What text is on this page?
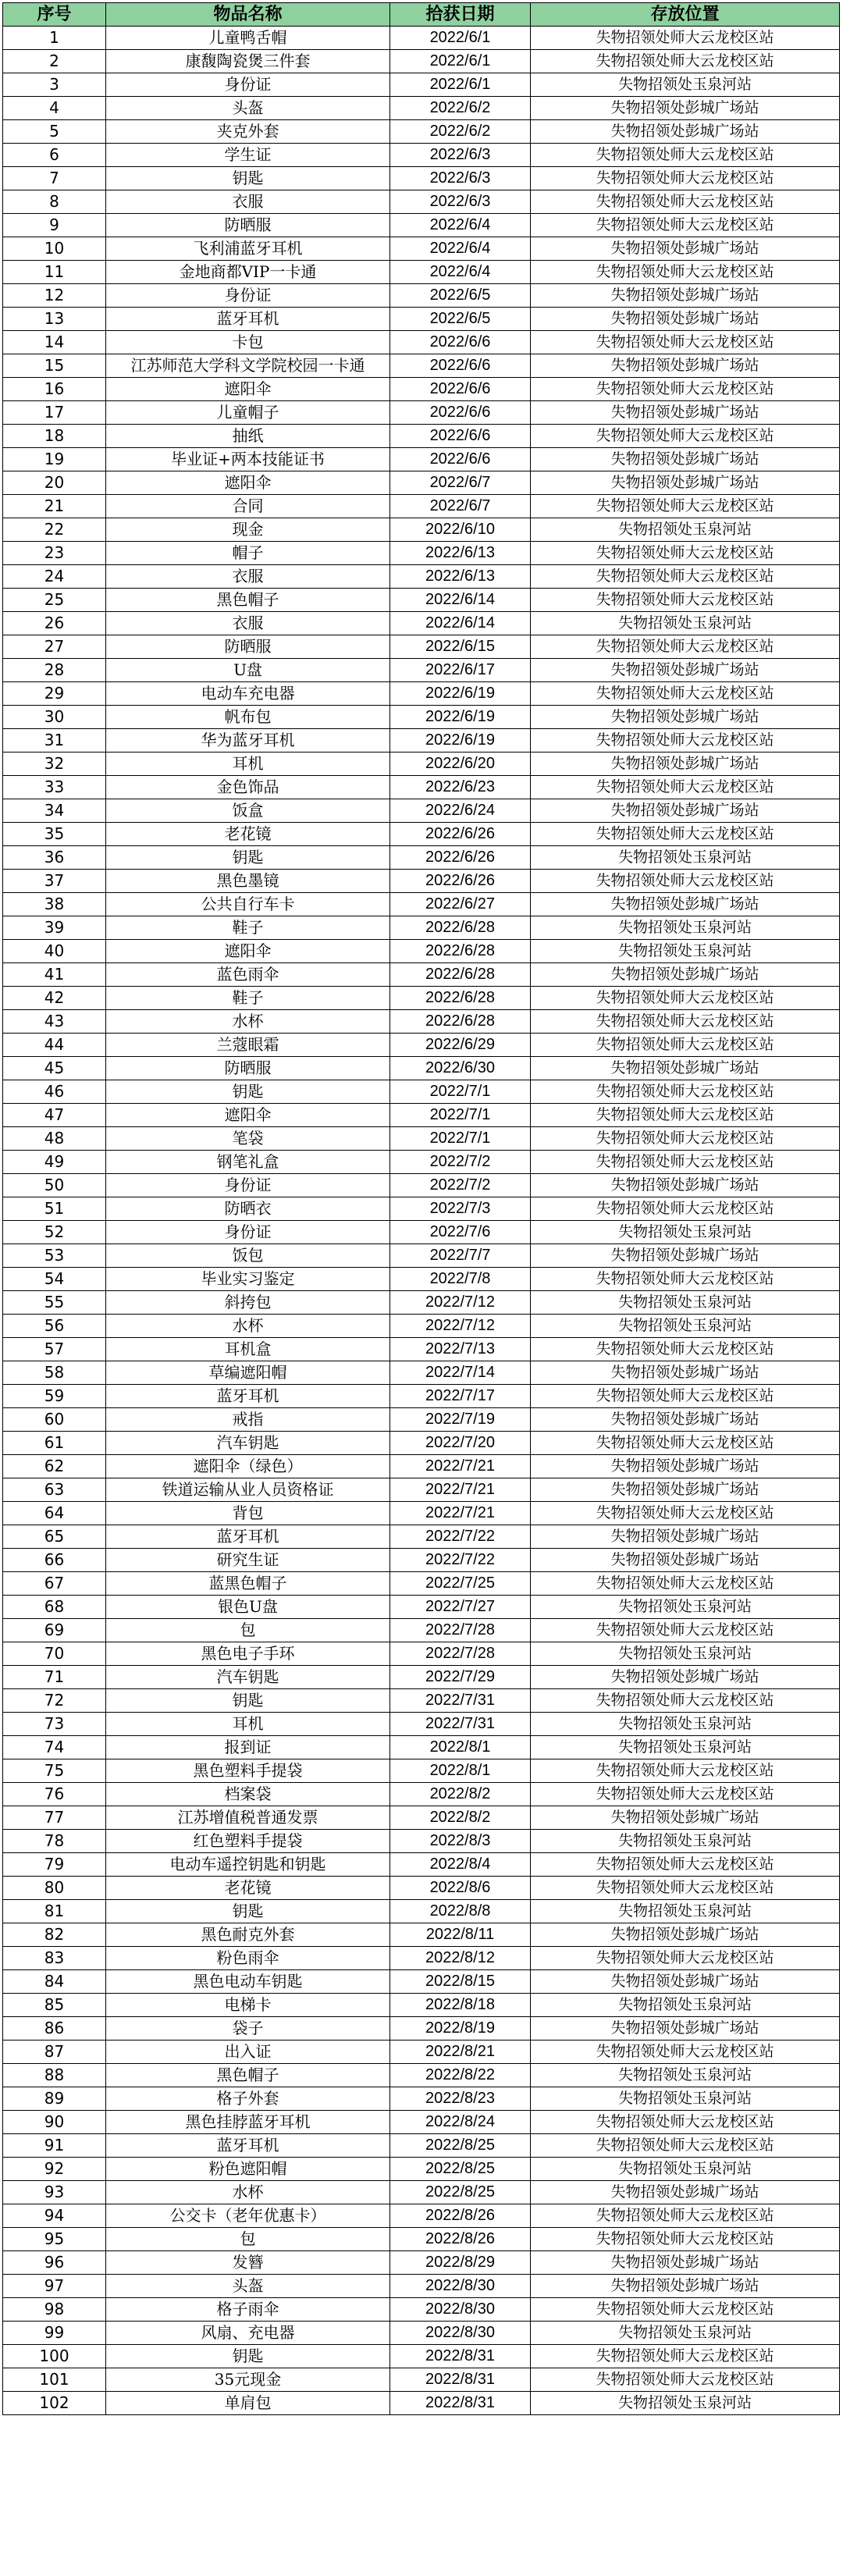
序号	物品名称	拾获日期	存放位置
1	儿童鸭舌帽	2022/6/1	失物招领处师大云龙校区站
2	康馥陶瓷煲三件套	2022/6/1	失物招领处师大云龙校区站
3	身份证	2022/6/1	失物招领处玉泉河站
4	头盔	2022/6/2	失物招领处彭城广场站
5	夹克外套	2022/6/2	失物招领处彭城广场站
6	学生证	2022/6/3	失物招领处师大云龙校区站
7	钥匙	2022/6/3	失物招领处师大云龙校区站
8	衣服	2022/6/3	失物招领处师大云龙校区站
9	防晒服	2022/6/4	失物招领处师大云龙校区站
10	飞利浦蓝牙耳机	2022/6/4	失物招领处彭城广场站
11	金地商都VIP一卡通	2022/6/4	失物招领处师大云龙校区站
12	身份证	2022/6/5	失物招领处彭城广场站
13	蓝牙耳机	2022/6/5	失物招领处彭城广场站
14	卡包	2022/6/6	失物招领处师大云龙校区站
15	江苏师范大学科文学院校园一卡通	2022/6/6	失物招领处彭城广场站
16	遮阳伞	2022/6/6	失物招领处师大云龙校区站
17	儿童帽子	2022/6/6	失物招领处彭城广场站
18	抽纸	2022/6/6	失物招领处师大云龙校区站
19	毕业证+两本技能证书	2022/6/6	失物招领处彭城广场站
20	遮阳伞	2022/6/7	失物招领处彭城广场站
21	合同	2022/6/7	失物招领处师大云龙校区站
22	现金	2022/6/10	失物招领处玉泉河站
23	帽子	2022/6/13	失物招领处师大云龙校区站
24	衣服	2022/6/13	失物招领处师大云龙校区站
25	黑色帽子	2022/6/14	失物招领处师大云龙校区站
26	衣服	2022/6/14	失物招领处玉泉河站
27	防晒服	2022/6/15	失物招领处师大云龙校区站
28	U盘	2022/6/17	失物招领处彭城广场站
29	电动车充电器	2022/6/19	失物招领处师大云龙校区站
30	帆布包	2022/6/19	失物招领处彭城广场站
31	华为蓝牙耳机	2022/6/19	失物招领处师大云龙校区站
32	耳机	2022/6/20	失物招领处彭城广场站
33	金色饰品	2022/6/23	失物招领处师大云龙校区站
34	饭盒	2022/6/24	失物招领处彭城广场站
35	老花镜	2022/6/26	失物招领处师大云龙校区站
36	钥匙	2022/6/26	失物招领处玉泉河站
37	黑色墨镜	2022/6/26	失物招领处师大云龙校区站
38	公共自行车卡	2022/6/27	失物招领处彭城广场站
39	鞋子	2022/6/28	失物招领处玉泉河站
40	遮阳伞	2022/6/28	失物招领处玉泉河站
41	蓝色雨伞	2022/6/28	失物招领处彭城广场站
42	鞋子	2022/6/28	失物招领处师大云龙校区站
43	水杯	2022/6/28	失物招领处师大云龙校区站
44	兰蔻眼霜	2022/6/29	失物招领处师大云龙校区站
45	防晒服	2022/6/30	失物招领处彭城广场站
46	钥匙	2022/7/1	失物招领处师大云龙校区站
47	遮阳伞	2022/7/1	失物招领处师大云龙校区站
48	笔袋	2022/7/1	失物招领处师大云龙校区站
49	钢笔礼盒	2022/7/2	失物招领处师大云龙校区站
50	身份证	2022/7/2	失物招领处彭城广场站
51	防晒衣	2022/7/3	失物招领处师大云龙校区站
52	身份证	2022/7/6	失物招领处玉泉河站
53	饭包	2022/7/7	失物招领处彭城广场站
54	毕业实习鉴定	2022/7/8	失物招领处师大云龙校区站
55	斜挎包	2022/7/12	失物招领处玉泉河站
56	水杯	2022/7/12	失物招领处玉泉河站
57	耳机盒	2022/7/13	失物招领处师大云龙校区站
58	草编遮阳帽	2022/7/14	失物招领处彭城广场站
59	蓝牙耳机	2022/7/17	失物招领处师大云龙校区站
60	戒指	2022/7/19	失物招领处彭城广场站
61	汽车钥匙	2022/7/20	失物招领处师大云龙校区站
62	遮阳伞（绿色）	2022/7/21	失物招领处彭城广场站
63	铁道运输从业人员资格证	2022/7/21	失物招领处彭城广场站
64	背包	2022/7/21	失物招领处师大云龙校区站
65	蓝牙耳机	2022/7/22	失物招领处彭城广场站
66	研究生证	2022/7/22	失物招领处彭城广场站
67	蓝黑色帽子	2022/7/25	失物招领处师大云龙校区站
68	银色U盘	2022/7/27	失物招领处玉泉河站
69	包	2022/7/28	失物招领处师大云龙校区站
70	黑色电子手环	2022/7/28	失物招领处玉泉河站
71	汽车钥匙	2022/7/29	失物招领处彭城广场站
72	钥匙	2022/7/31	失物招领处师大云龙校区站
73	耳机	2022/7/31	失物招领处玉泉河站
74	报到证	2022/8/1	失物招领处玉泉河站
75	黑色塑料手提袋	2022/8/1	失物招领处师大云龙校区站
76	档案袋	2022/8/2	失物招领处师大云龙校区站
77	江苏增值税普通发票	2022/8/2	失物招领处彭城广场站
78	红色塑料手提袋	2022/8/3	失物招领处玉泉河站
79	电动车遥控钥匙和钥匙	2022/8/4	失物招领处师大云龙校区站
80	老花镜	2022/8/6	失物招领处师大云龙校区站
81	钥匙	2022/8/8	失物招领处玉泉河站
82	黑色耐克外套	2022/8/11	失物招领处彭城广场站
83	粉色雨伞	2022/8/12	失物招领处师大云龙校区站
84	黑色电动车钥匙	2022/8/15	失物招领处彭城广场站
85	电梯卡	2022/8/18	失物招领处玉泉河站
86	袋子	2022/8/19	失物招领处彭城广场站
87	出入证	2022/8/21	失物招领处师大云龙校区站
88	黑色帽子	2022/8/22	失物招领处玉泉河站
89	格子外套	2022/8/23	失物招领处玉泉河站
90	黑色挂脖蓝牙耳机	2022/8/24	失物招领处师大云龙校区站
91	蓝牙耳机	2022/8/25	失物招领处师大云龙校区站
92	粉色遮阳帽	2022/8/25	失物招领处玉泉河站
93	水杯	2022/8/25	失物招领处彭城广场站
94	公交卡（老年优惠卡）	2022/8/26	失物招领处师大云龙校区站
95	包	2022/8/26	失物招领处师大云龙校区站
96	发簪	2022/8/29	失物招领处彭城广场站
97	头盔	2022/8/30	失物招领处彭城广场站
98	格子雨伞	2022/8/30	失物招领处师大云龙校区站
99	风扇、充电器	2022/8/30	失物招领处玉泉河站
100	钥匙	2022/8/31	失物招领处师大云龙校区站
101	35元现金	2022/8/31	失物招领处师大云龙校区站
102	单肩包	2022/8/31	失物招领处玉泉河站
